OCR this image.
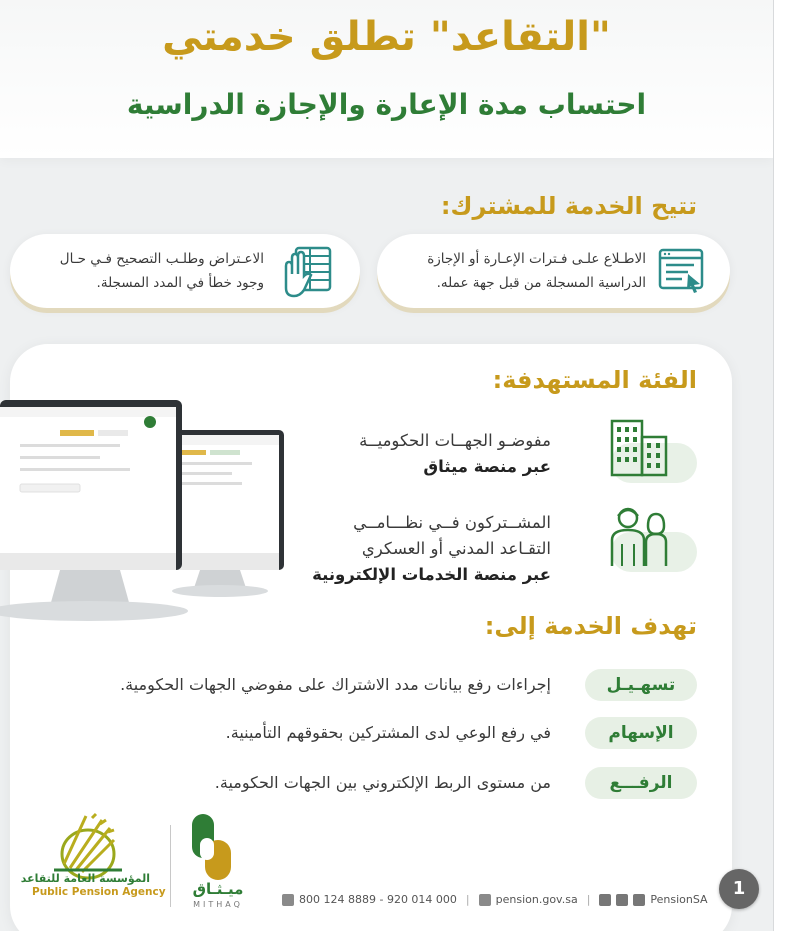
"التقاعد" تطلق خدمتي
احتساب مدة الإعارة والإجازة الدراسية
تتيح الخدمة للمشترك:
الاطـلاع علـى فـترات الإعـارة أو الإجازة
الدراسية المسجلة من قبل جهة عمله.
الاعـتراض وطلـب التصحيح فـي حـال
وجود خطأ في المدد المسجلة.
الفئة المستهدفة:
مفوضـو الجهــات الحكوميــة
عبر منصة ميثاق
المشــتركون فــي نظـــامــي
التقـاعد المدني أو العسكري
عبر منصة الخدمات الإلكترونية
تهدف الخدمة إلى:
تسهـيـل
إجراءات رفع بيانات مدد الاشتراك على مفوضي الجهات الحكومية.
الإسهام
في رفع الوعي لدى المشتركين بحقوقهم التأمينية.
الرفـــع
من مستوى الربط الإلكتروني بين الجهات الحكومية.
المؤسسة العامة للتقاعد
Public Pension Agency	ميـثـاق
MITHAQ	800 124 8889 - 920 014 000 | pension.gov.sa |	PensionSA
1
